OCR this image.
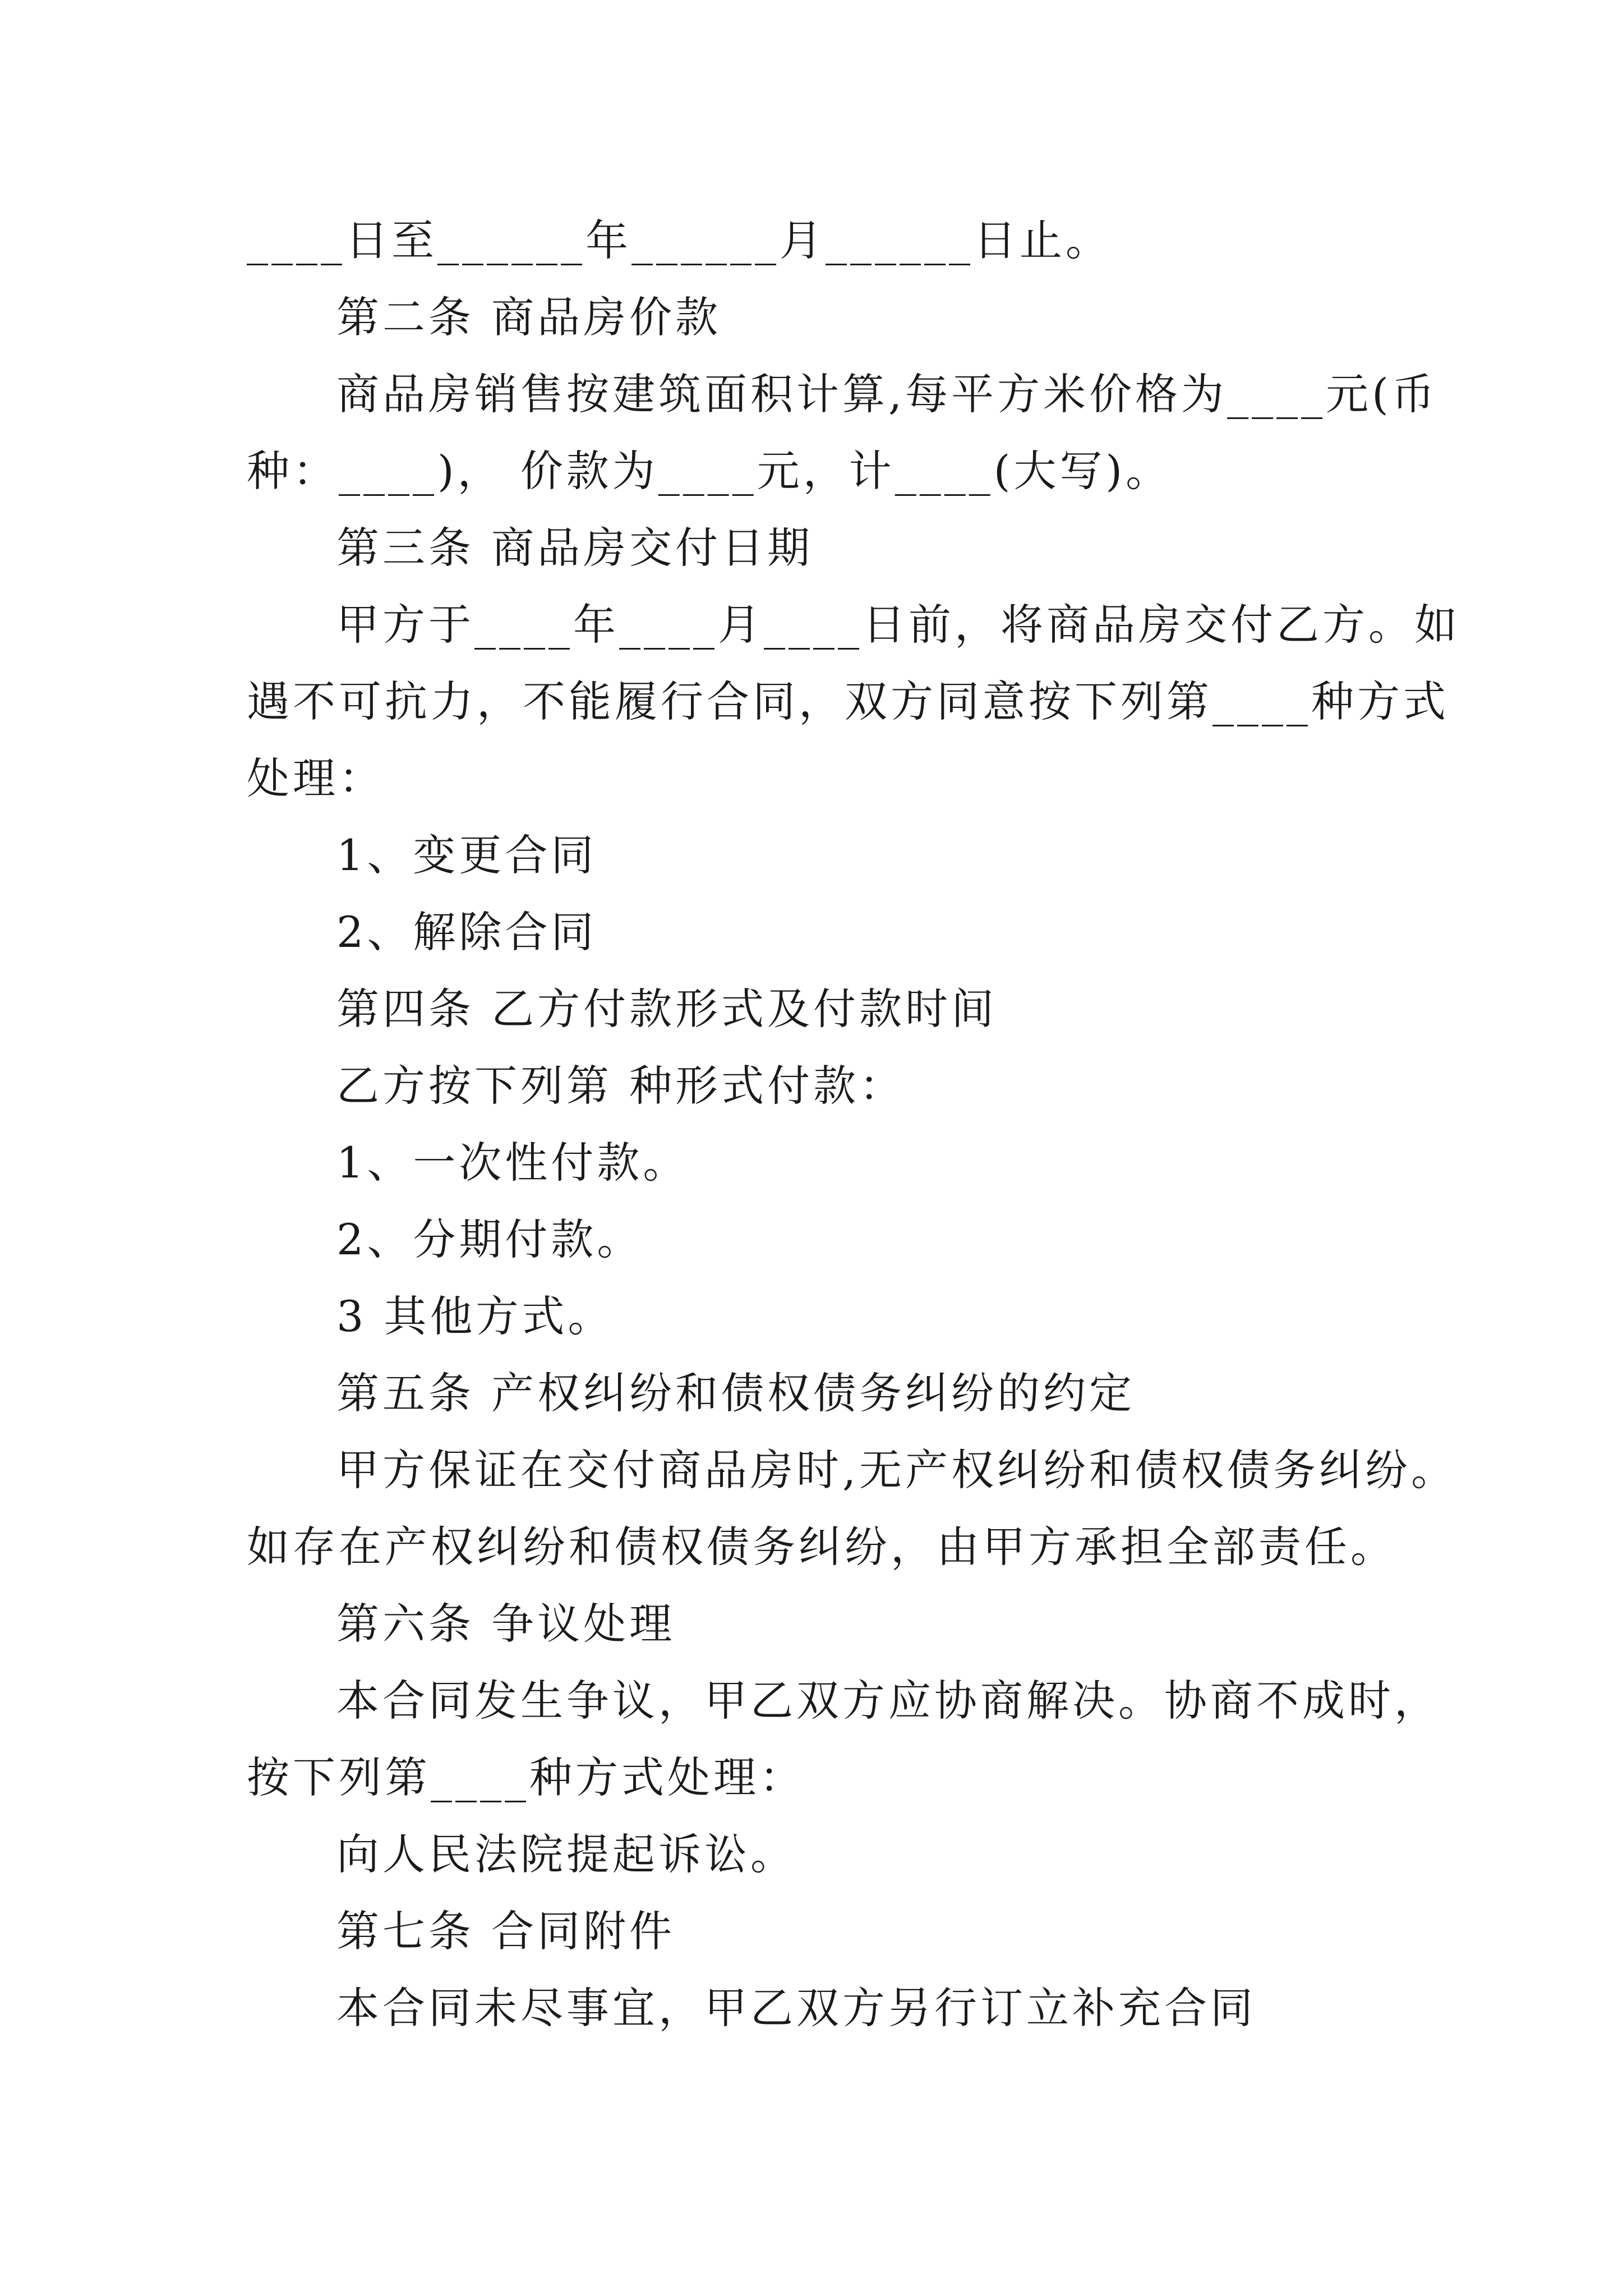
____日至______年______月______日止。
第二条 商品房价款
商品房销售按建筑面积计算,每平方米价格为____元(币
种：____)， 价款为____元，计____(大写)。
第三条 商品房交付日期
甲方于____年____月____日前，将商品房交付乙方。如
遇不可抗力，不能履行合同，双方同意按下列第____种方式
处理：
1、变更合同
2、解除合同
第四条 乙方付款形式及付款时间
乙方按下列第 种形式付款：
1、一次性付款。
2、分期付款。
3 其他方式。
第五条 产权纠纷和债权债务纠纷的约定
甲方保证在交付商品房时,无产权纠纷和债权债务纠纷。
如存在产权纠纷和债权债务纠纷，由甲方承担全部责任。
第六条 争议处理
本合同发生争议，甲乙双方应协商解决。协商不成时，
按下列第____种方式处理：
向人民法院提起诉讼。
第七条 合同附件
本合同未尽事宜，甲乙双方另行订立补充合同
